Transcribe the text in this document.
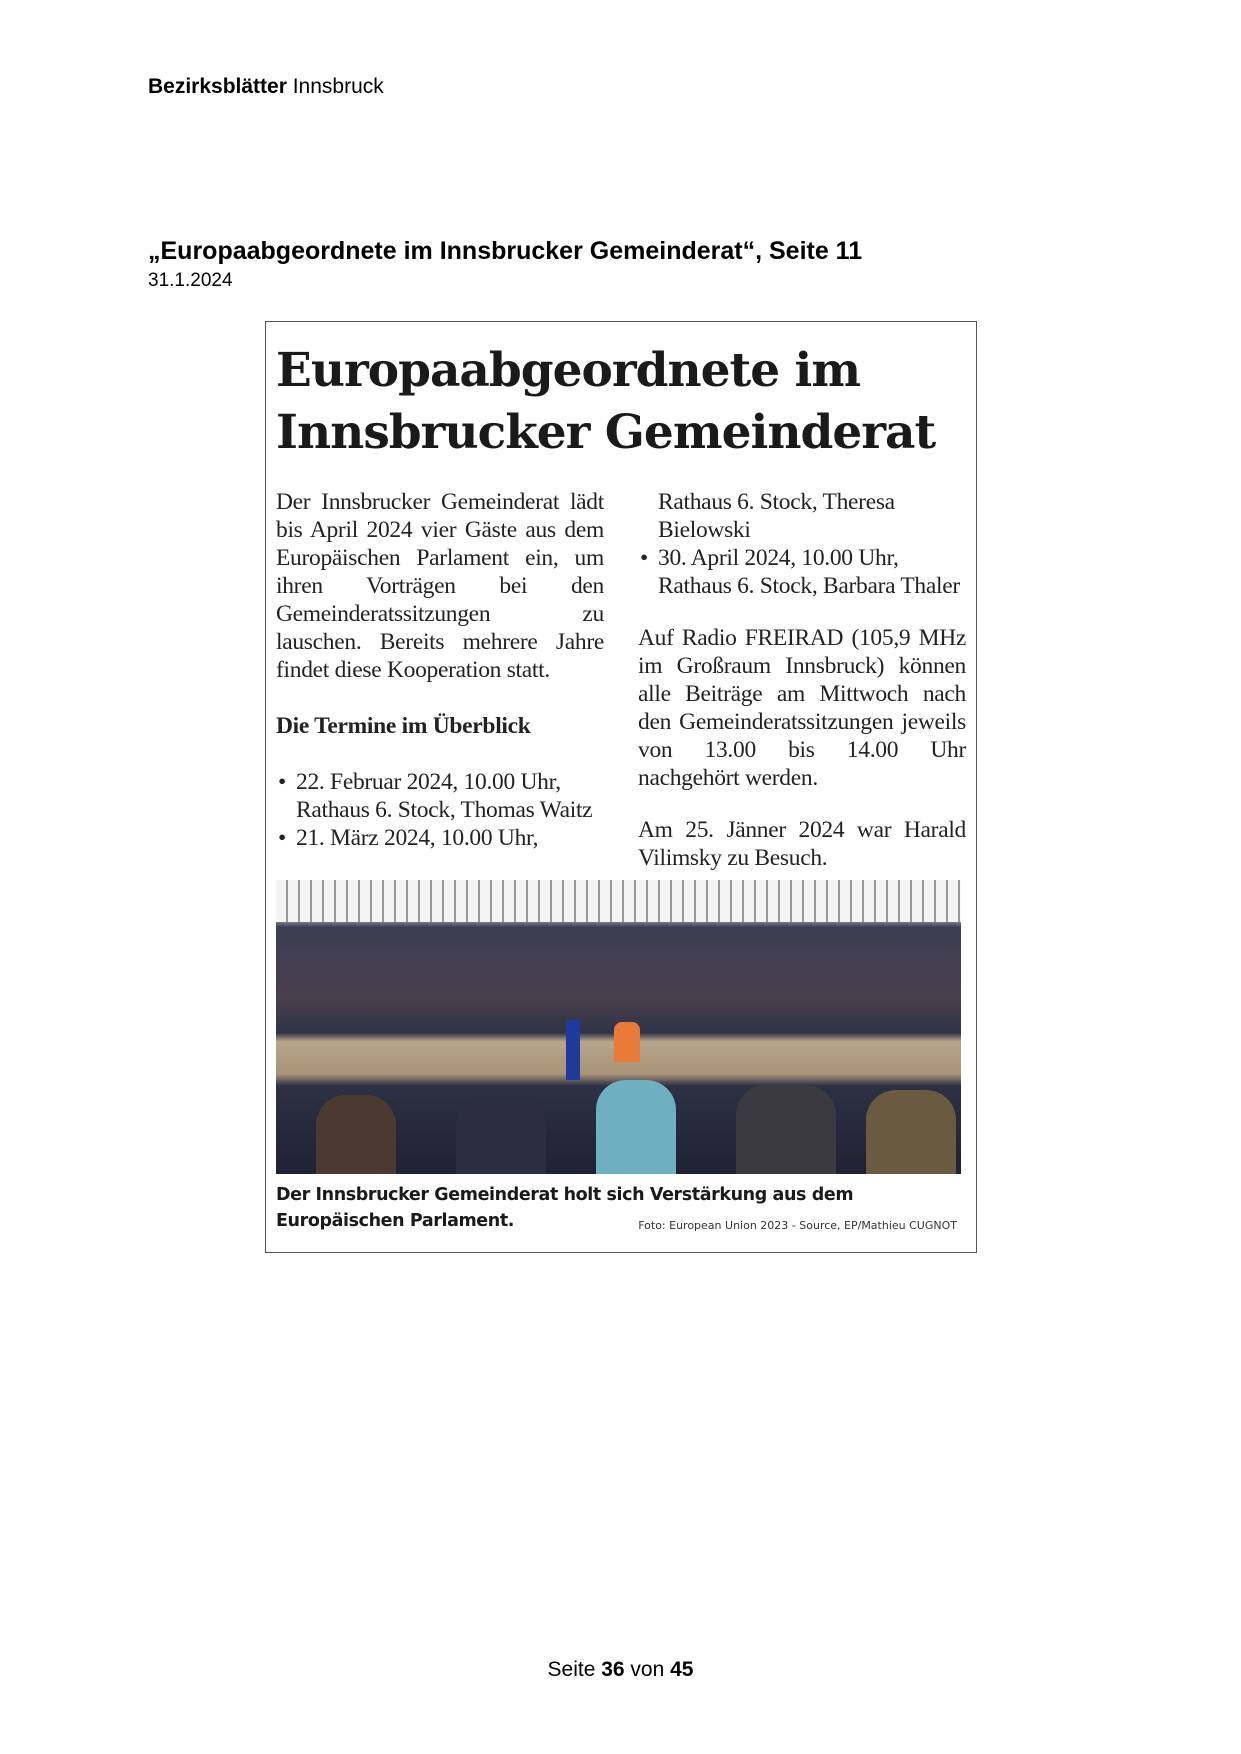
Bezirksblätter Innsbruck
„Europaabgeordnete im Innsbrucker Gemeinderat“, Seite 11
31.1.2024
Europaabgeordnete im
Innsbrucker Gemeinderat

Der Innsbrucker Gemeinderat lädt bis April 2024 vier Gäste aus dem Europäischen Parlament ein, um ihren Vorträgen bei den Gemeinderatssitzungen zu lauschen. Bereits mehrere Jahre findet diese Kooperation statt.

Die Termine im Überblick
• 22. Februar 2024, 10.00 Uhr, Rathaus 6. Stock, Thomas Waitz
• 21. März 2024, 10.00 Uhr,
Rathaus 6. Stock, Theresa Bielowski
• 30. April 2024, 10.00 Uhr, Rathaus 6. Stock, Barbara Thaler

Auf Radio FREIRAD (105,9 MHz im Großraum Innsbruck) können alle Beiträge am Mittwoch nach den Gemeinderatssitzungen jeweils von 13.00 bis 14.00 Uhr nachgehört werden.

Am 25. Jänner 2024 war Harald Vilimsky zu Besuch.

Der Innsbrucker Gemeinderat holt sich Verstärkung aus dem Europäischen Parlament.	Foto: European Union 2023 - Source, EP/Mathieu CUGNOT
Seite 36 von 45
